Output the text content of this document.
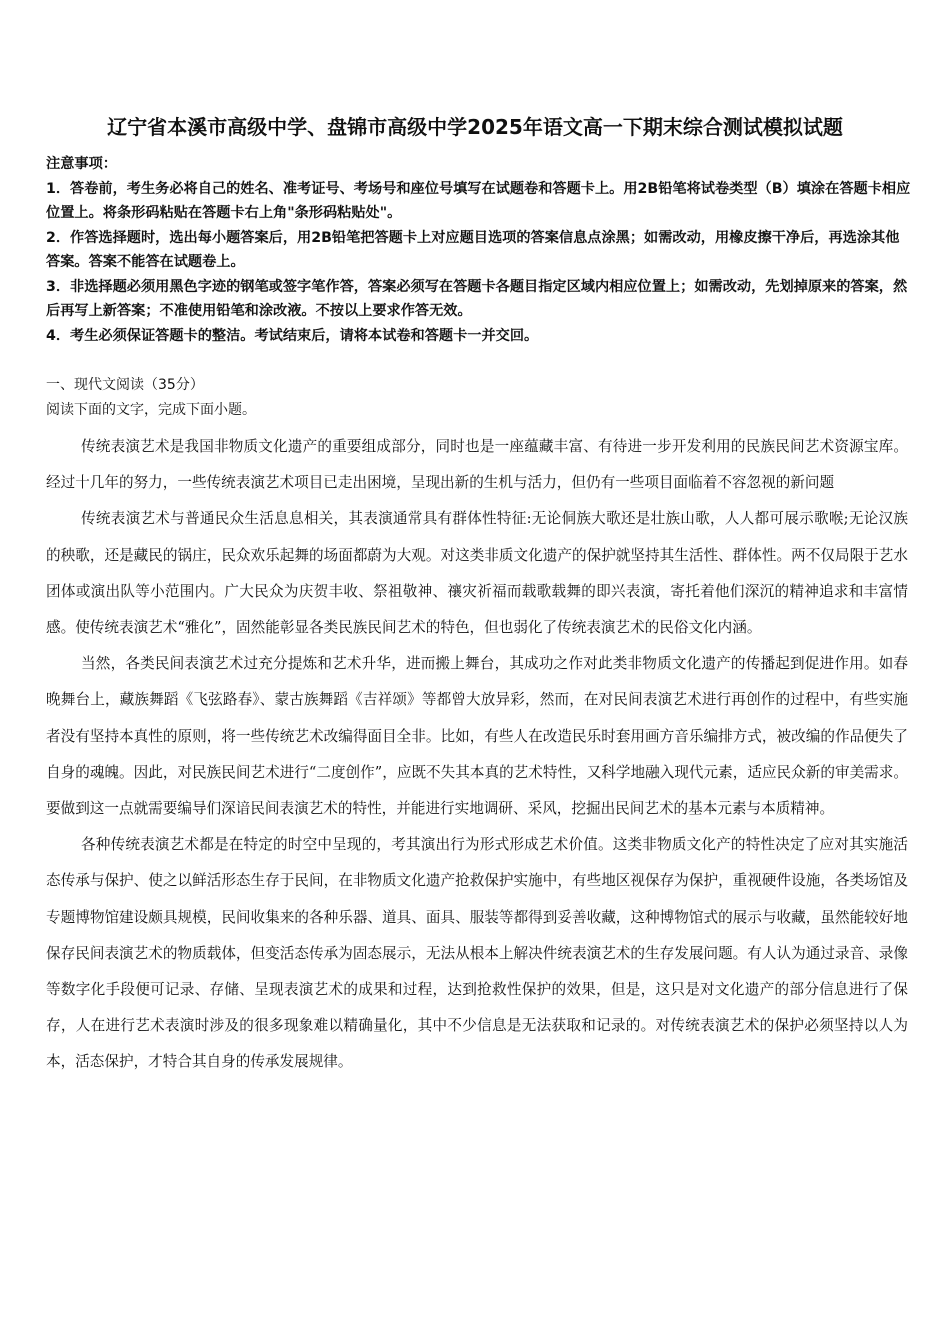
辽宁省本溪市高级中学、盘锦市高级中学2025年语文高一下期末综合测试模拟试题

注意事项：

1．答卷前，考生务必将自己的姓名、准考证号、考场号和座位号填写在试题卷和答题卡上。用2B铅笔将试卷类型（B）填涂在答题卡相应位置上。将条形码粘贴在答题卡右上角"条形码粘贴处"。

2．作答选择题时，选出每小题答案后，用2B铅笔把答题卡上对应题目选项的答案信息点涂黑；如需改动，用橡皮擦干净后，再选涂其他答案。答案不能答在试题卷上。

3．非选择题必须用黑色字迹的钢笔或签字笔作答，答案必须写在答题卡各题目指定区域内相应位置上；如需改动，先划掉原来的答案，然后再写上新答案；不准使用铅笔和涂改液。不按以上要求作答无效。

4．考生必须保证答题卡的整洁。考试结束后，请将本试卷和答题卡一并交回。

一、现代文阅读（35分）
阅读下面的文字，完成下面小题。

传统表演艺术是我国非物质文化遗产的重要组成部分，同时也是一座蕴藏丰富、有待进一步开发利用的民族民间艺术资源宝库。经过十几年的努力，一些传统表演艺术项目已走出困境，呈现出新的生机与活力，但仍有一些项目面临着不容忽视的新问题

传统表演艺术与普通民众生活息息相关，其表演通常具有群体性特征:无论侗族大歌还是壮族山歌，人人都可展示歌喉;无论汉族的秧歌，还是藏民的锅庄，民众欢乐起舞的场面都蔚为大观。对这类非质文化遗产的保护就坚持其生活性、群体性。两不仅局限于艺水团体或演出队等小范围内。广大民众为庆贺丰收、祭祖敬神、禳灾祈福而载歌载舞的即兴表演，寄托着他们深沉的精神追求和丰富情感。使传统表演艺术“雅化”，固然能彰显各类民族民间艺术的特色，但也弱化了传统表演艺术的民俗文化内涵。

当然，各类民间表演艺术过充分提炼和艺术升华，进而搬上舞台，其成功之作对此类非物质文化遗产的传播起到促进作用。如春晚舞台上，藏族舞蹈《飞弦路春》、蒙古族舞蹈《吉祥颂》等都曾大放异彩，然而，在对民间表演艺术进行再创作的过程中，有些实施者没有坚持本真性的原则，将一些传统艺术改编得面目全非。比如，有些人在改造民乐时套用画方音乐编排方式，被改编的作品便失了自身的魂魄。因此，对民族民间艺术进行“二度创作”，应既不失其本真的艺术特性，又科学地融入现代元素，适应民众新的审美需求。要做到这一点就需要编导们深谙民间表演艺术的特性，并能进行实地调研、采风，挖掘出民间艺术的基本元素与本质精神。

各种传统表演艺术都是在特定的时空中呈现的，考其演出行为形式形成艺术价值。这类非物质文化产的特性决定了应对其实施活态传承与保护、使之以鲜活形态生存于民间，在非物质文化遗产抢救保护实施中，有些地区视保存为保护，重视硬件设施，各类场馆及专题博物馆建设颇具规模，民间收集来的各种乐器、道具、面具、服装等都得到妥善收藏，这种博物馆式的展示与收藏，虽然能较好地保存民间表演艺术的物质载体，但变活态传承为固态展示，无法从根本上解决件统表演艺术的生存发展问题。有人认为通过录音、录像等数字化手段便可记录、存储、呈现表演艺术的成果和过程，达到抢救性保护的效果，但是，这只是对文化遗产的部分信息进行了保存，人在进行艺术表演时涉及的很多现象难以精确量化，其中不少信息是无法获取和记录的。对传统表演艺术的保护必须坚持以人为本，活态保护，才特合其自身的传承发展规律。
